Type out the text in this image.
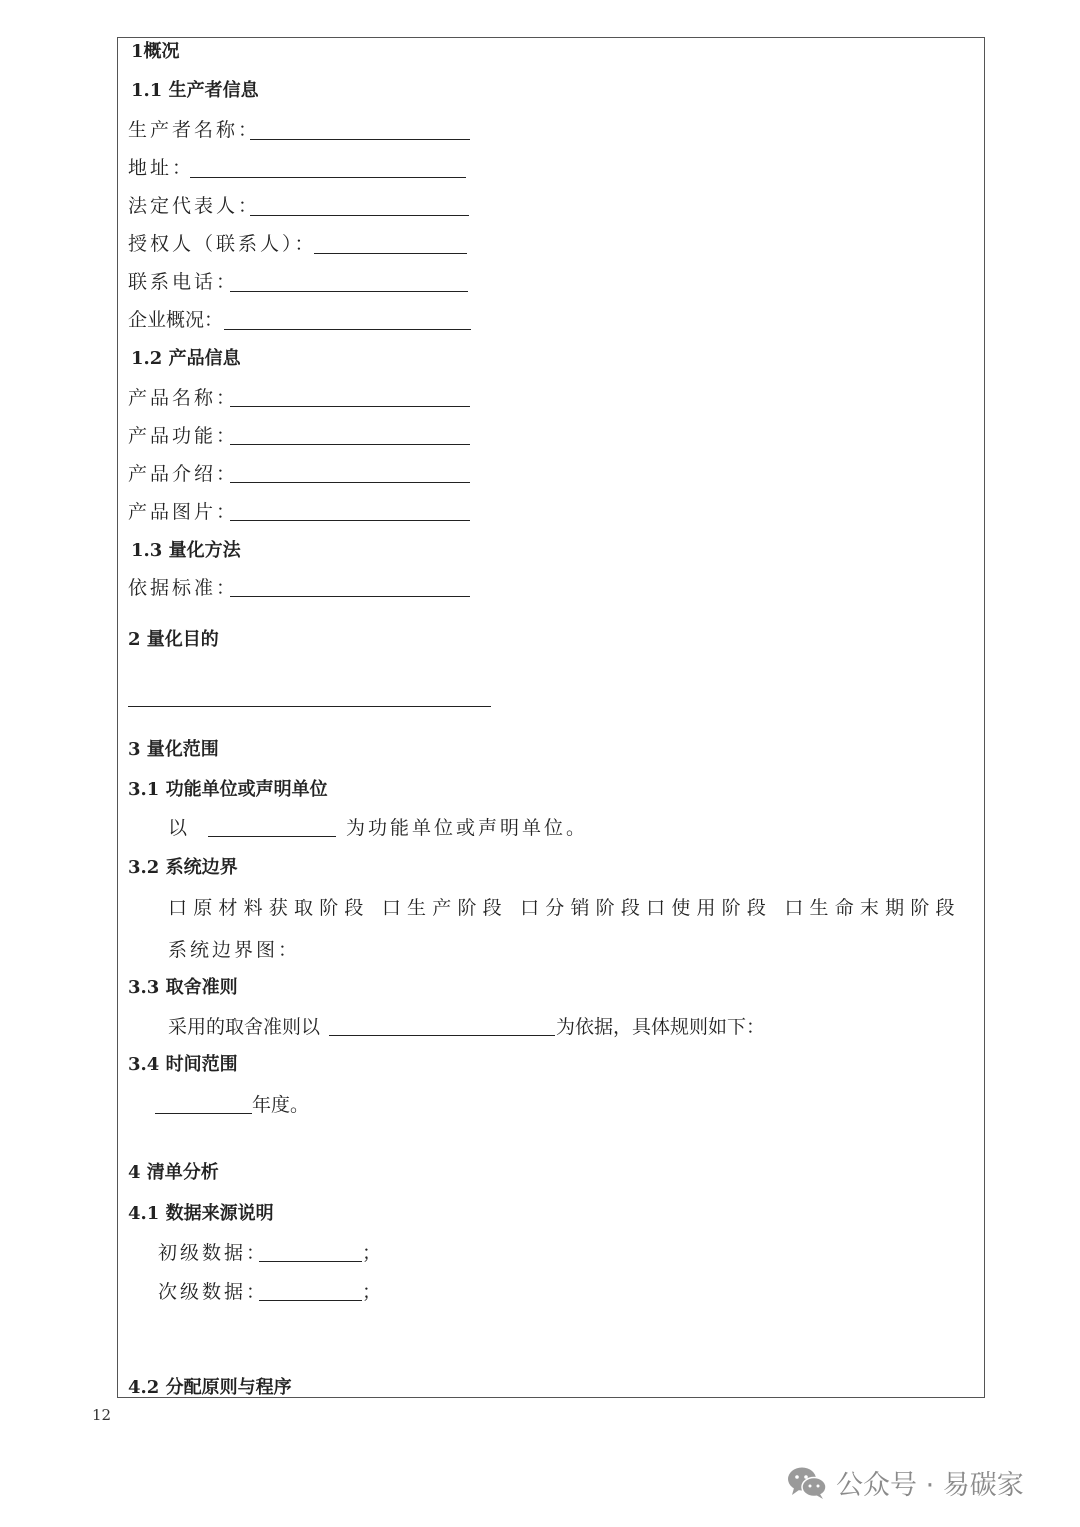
1概况
1.1 生产者信息
生产者名称：
地址：
法定代表人：
授权人（联系人）：
联系电话：
企业概况：
1.2 产品信息
产品名称：
产品功能：
产品介绍：
产品图片：
1.3 量化方法
依据标准：
2 量化目的
3 量化范围
3.1 功能单位或声明单位
以	为功能单位或声明单位。
3.2 系统边界
口原材料获取阶段 口生产阶段 口分销阶段口使用阶段 口生命末期阶段
系统边界图：
3.3 取舍准则
采用的取舍准则以	为依据，具体规则如下：
3.4 时间范围
年度。
4 清单分析
4.1 数据来源说明
初级数据：	；
次级数据：	；
4.2 分配原则与程序
12
公众号 · 易碳家
